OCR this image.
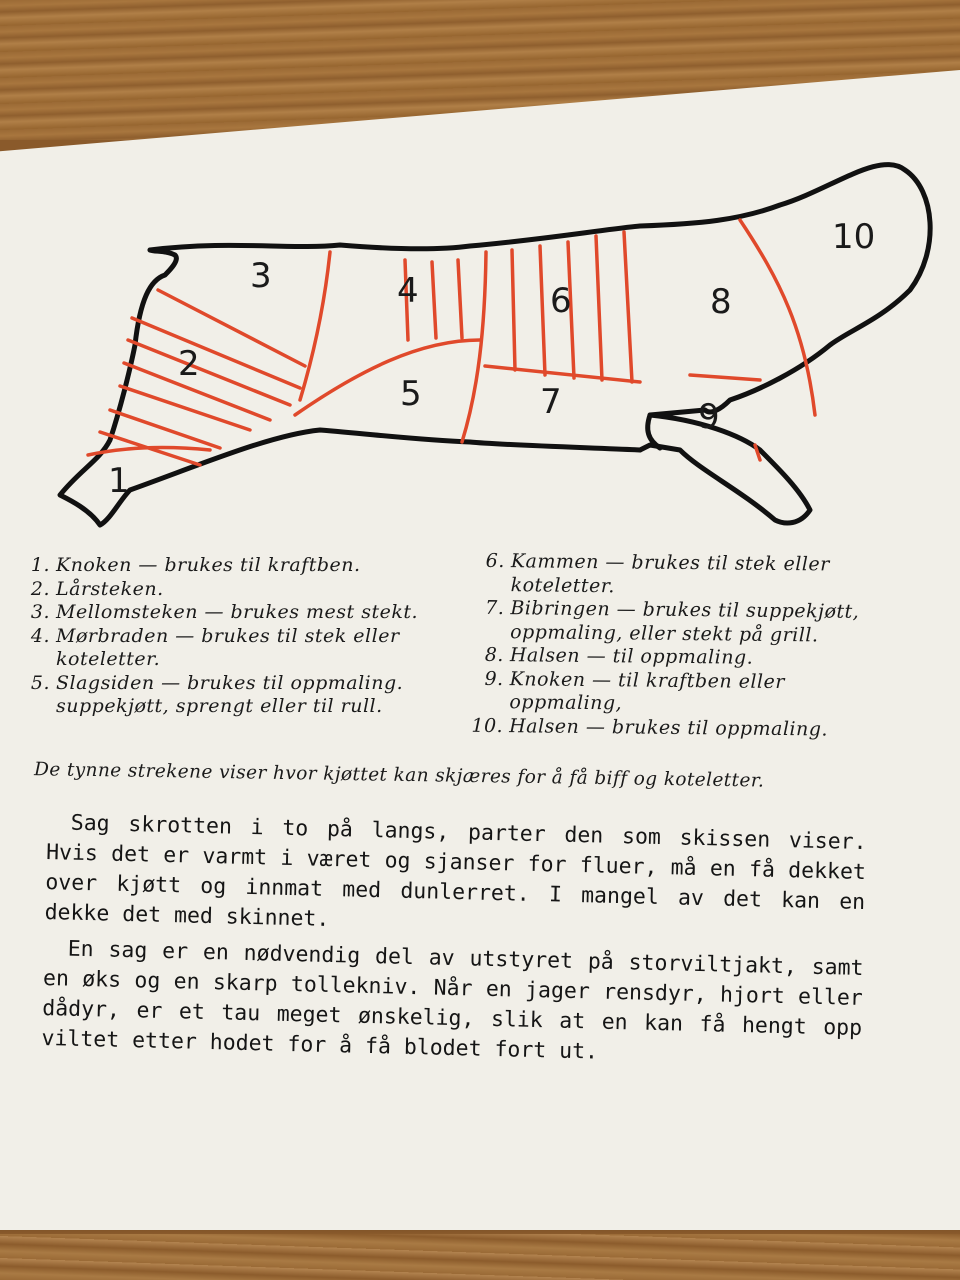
1
2
3	4
5
6
7
8
9
10
1. Knoken — brukes til kraftben.
2. Lårsteken.
3. Mellomsteken — brukes mest stekt.
4. Mørbraden — brukes til stek eller koteletter.
5. Slagsiden — brukes til oppmaling. suppekjøtt, sprengt eller til rull.
6. Kammen — brukes til stek eller koteletter.
7. Bibringen — brukes til suppekjøtt, oppmaling, eller stekt på grill.
8. Halsen — til oppmaling.
9. Knoken — til kraftben eller oppmaling,
10. Halsen — brukes til oppmaling.
De tynne strekene viser hvor kjøttet kan skjæres for å få biff og koteletter.

Sag skrotten i to på langs, parter den som skissen viser. Hvis det er varmt i været og sjanser for fluer, må en få dekket over kjøtt og innmat med dunlerret. I mangel av det kan en dekke det med skinnet.

En sag er en nødvendig del av utstyret på storviltjakt, samt en øks og en skarp tollekniv. Når en jager rensdyr, hjort eller dådyr, er et tau meget ønskelig, slik at en kan få hengt opp viltet etter hodet for å få blodet fort ut.
